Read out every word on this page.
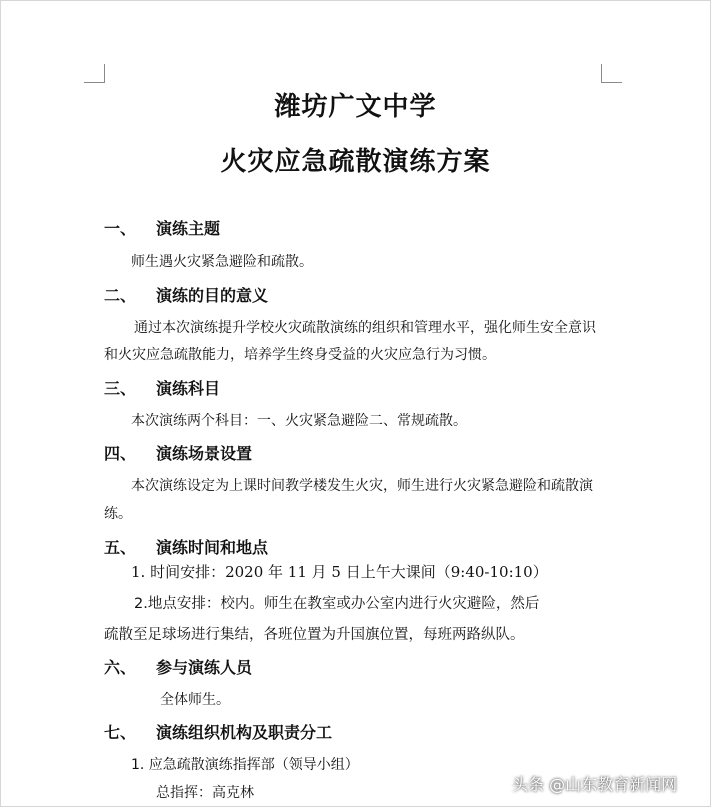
潍坊广文中学
火灾应急疏散演练方案
一、 演练主题
师生遇火灾紧急避险和疏散。
二、 演练的目的意义
通过本次演练提升学校火灾疏散演练的组织和管理水平，强化师生安全意识
和火灾应急疏散能力，培养学生终身受益的火灾应急行为习惯。
三、 演练科目
本次演练两个科目：一、火灾紧急避险二、常规疏散。
四、 演练场景设置
本次演练设定为上课时间教学楼发生火灾，师生进行火灾紧急避险和疏散演
练。
五、 演练时间和地点
1. 时间安排：2020 年 11 月 5 日上午大课间（9:40-10:10）
2.地点安排：校内。师生在教室或办公室内进行火灾避险，然后
疏散至足球场进行集结，各班位置为升国旗位置，每班两路纵队。
六、 参与演练人员
全体师生。
七、 演练组织机构及职责分工
1. 应急疏散演练指挥部（领导小组）
总指挥：高克林	头条 @山东教育新闻网
